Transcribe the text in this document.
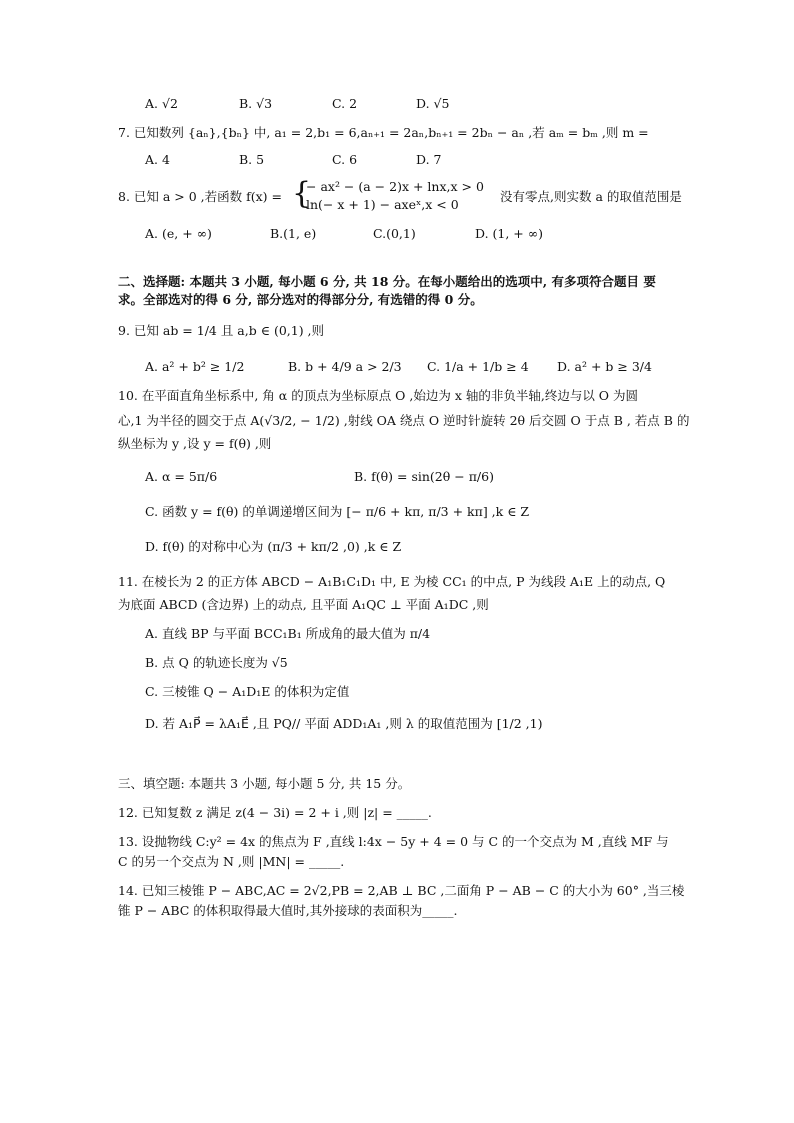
A. √2	B. √3	C. 2	D. √5
7. 已知数列 {aₙ},{bₙ} 中, a₁ = 2,b₁ = 6,aₙ₊₁ = 2aₙ,bₙ₊₁ = 2bₙ − aₙ ,若 aₘ = bₘ ,则 m =
A. 4	B. 5	C. 6	D. 7
8. 已知 a > 0 ,若函数 f(x) = {
− ax² − (a − 2)x + lnx,x > 0
ln(− x + 1) − axeˣ,x < 0
没有零点,则实数 a 的取值范围是
A. (e, + ∞)	B.(1, e)	C.(0,1)	D. (1, + ∞)
二、选择题: 本题共 3 小题, 每小题 6 分, 共 18 分。在每小题给出的选项中, 有多项符合题目 要
求。全部选对的得 6 分, 部分选对的得部分分, 有选错的得 0 分。
9. 已知 ab = 1/4 且 a,b ∈ (0,1) ,则
A. a² + b² ≥ 1/2	B. b + 4/9 a > 2/3 C. 1/a + 1/b ≥ 4 D. a² + b ≥ 3/4
10. 在平面直角坐标系中, 角 α 的顶点为坐标原点 O ,始边为 x 轴的非负半轴,终边与以 O 为圆
心,1 为半径的圆交于点 A(√3/2, − 1/2) ,射线 OA 绕点 O 逆时针旋转 2θ 后交圆 O 于点 B , 若点 B 的
纵坐标为 y ,设 y = f(θ) ,则
A. α = 5π/6	B. f(θ) = sin(2θ − π/6)
C. 函数 y = f(θ) 的单调递增区间为 [− π/6 + kπ, π/3 + kπ] ,k ∈ Z
D. f(θ) 的对称中心为 (π/3 + kπ/2 ,0) ,k ∈ Z
11. 在棱长为 2 的正方体 ABCD − A₁B₁C₁D₁ 中, E 为棱 CC₁ 的中点, P 为线段 A₁E 上的动点, Q
为底面 ABCD (含边界) 上的动点, 且平面 A₁QC ⊥ 平面 A₁DC ,则
A. 直线 BP 与平面 BCC₁B₁ 所成角的最大值为 π/4
B. 点 Q 的轨迹长度为 √5
C. 三棱锥 Q − A₁D₁E 的体积为定值
D. 若 A₁P⃗ = λA₁E⃗ ,且 PQ// 平面 ADD₁A₁ ,则 λ 的取值范围为 [1/2 ,1)
三、填空题: 本题共 3 小题, 每小题 5 分, 共 15 分。
12. 已知复数 z 满足 z(4 − 3i) = 2 + i ,则 |z| = _____.
13. 设抛物线 C:y² = 4x 的焦点为 F ,直线 l:4x − 5y + 4 = 0 与 C 的一个交点为 M ,直线 MF 与
C 的另一个交点为 N ,则 |MN| = _____.
14. 已知三棱锥 P − ABC,AC = 2√2,PB = 2,AB ⊥ BC ,二面角 P − AB − C 的大小为 60° ,当三棱
锥 P − ABC 的体积取得最大值时,其外接球的表面积为_____.
